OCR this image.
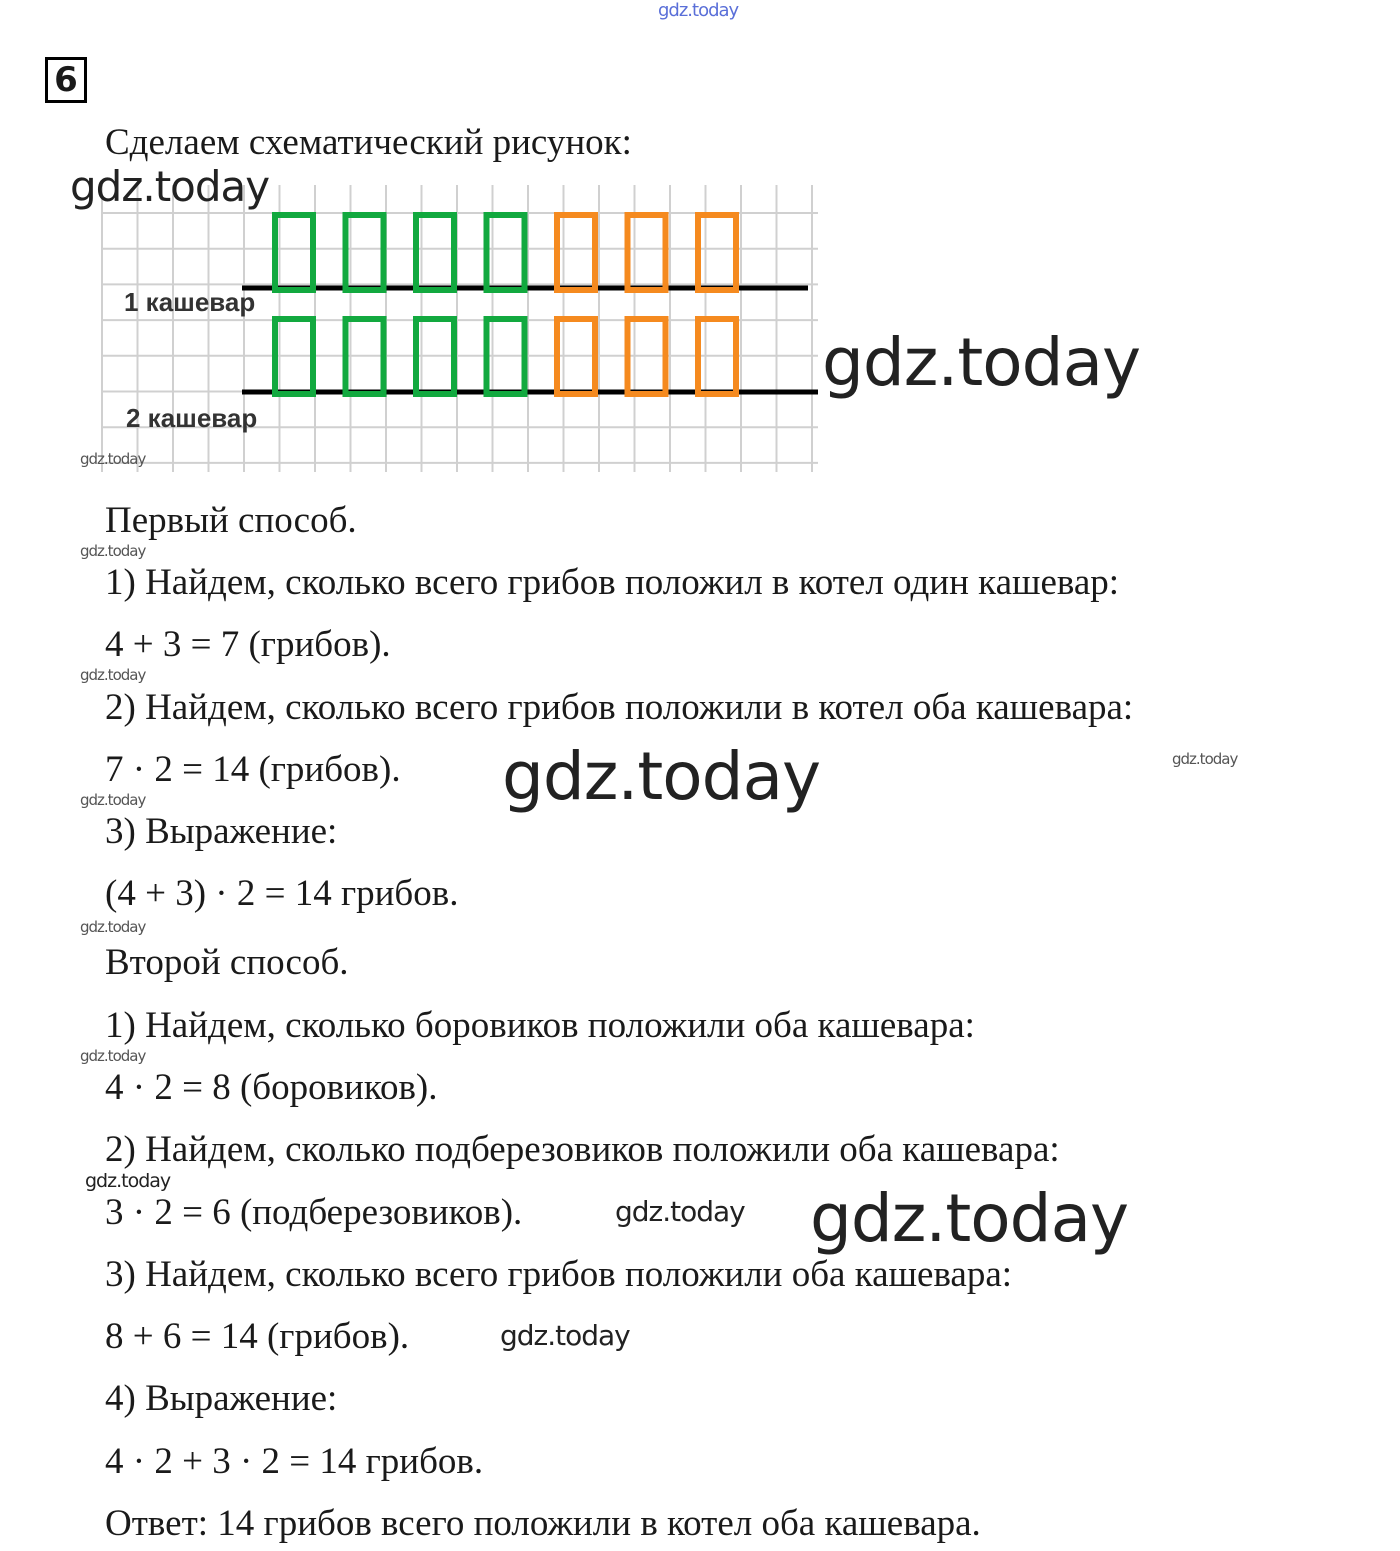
gdz.today
6
Сделаем схематический рисунок:
1 кашевар
2 кашевар
gdz.today
gdz.today
gdz.today
Первый способ.
1) Найдем, сколько всего грибов положил в котел один кашевар:
4 + 3 = 7 (грибов).
2) Найдем, сколько всего грибов положили в котел оба кашевара:
7 · 2 = 14 (грибов).
3) Выражение:
(4 + 3) · 2 = 14 грибов.
Второй способ.
1) Найдем, сколько боровиков положили оба кашевара:
4 · 2 = 8 (боровиков).
2) Найдем, сколько подберезовиков положили оба кашевара:
3 · 2 = 6 (подберезовиков).
3) Найдем, сколько всего грибов положили оба кашевара:
8 + 6 = 14 (грибов).
4) Выражение:
4 · 2 + 3 · 2 = 14 грибов.
Ответ: 14 грибов всего положили в котел оба кашевара.
gdz.today
gdz.today
gdz.today
gdz.today
gdz.today
gdz.today
gdz.today
gdz.today
gdz.today gdz.today
gdz.today
